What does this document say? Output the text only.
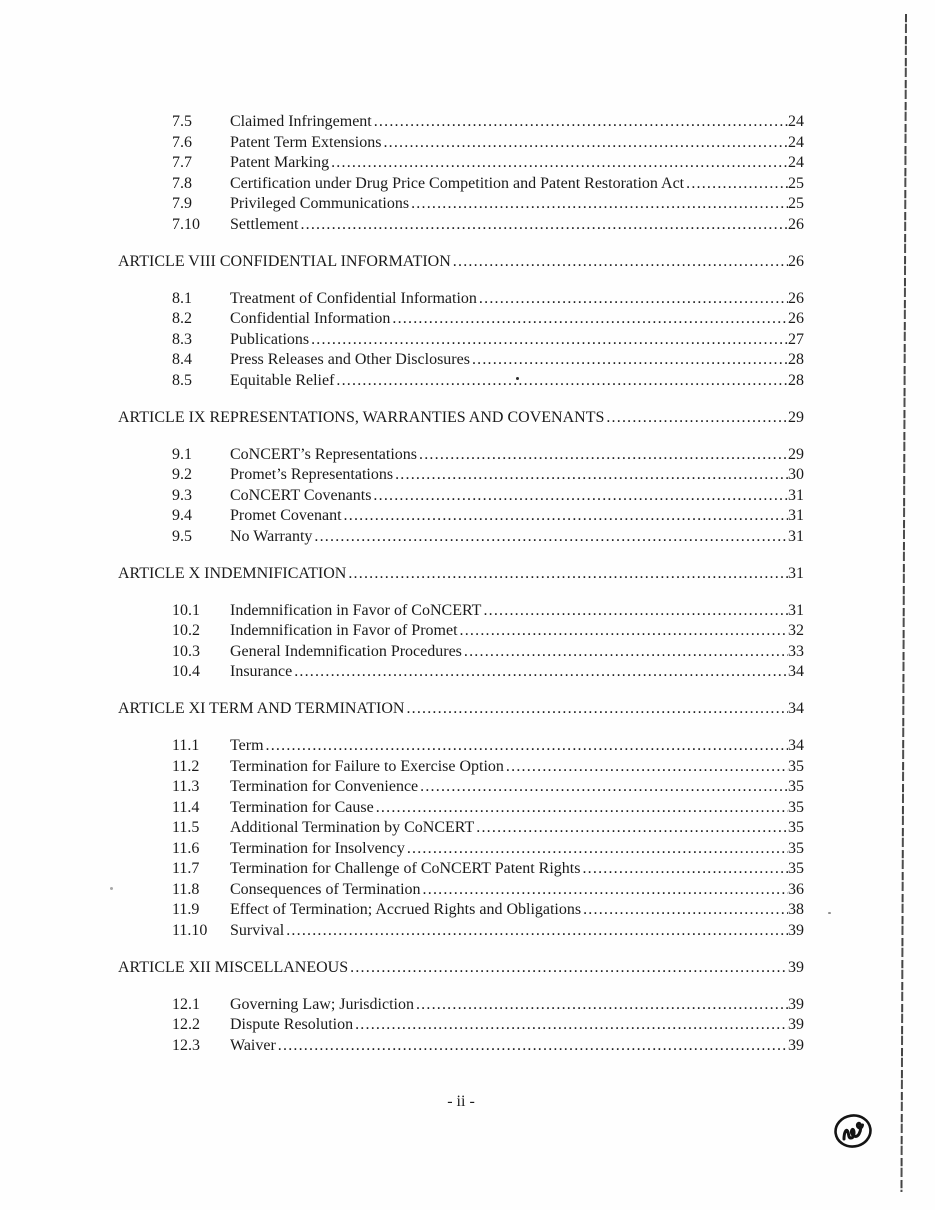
7.5	Claimed Infringement .....	24
7.6	Patent Term Extensions .....	24
7.7	Patent Marking .....	24
7.8	Certification under Drug Price Competition and Patent Restoration Act .....	25
7.9	Privileged Communications .....	25
7.10	Settlement .....	26
ARTICLE VIII CONFIDENTIAL INFORMATION .....	26
8.1	Treatment of Confidential Information .....	26
8.2	Confidential Information .....	26
8.3	Publications .....	27
8.4	Press Releases and Other Disclosures .....	28
8.5	Equitable Relief .....	28
ARTICLE IX REPRESENTATIONS, WARRANTIES AND COVENANTS .....	29
9.1	CoNCERT’s Representations .....	29
9.2	Promet’s Representations .....	30
9.3	CoNCERT Covenants .....	31
9.4	Promet Covenant .....	31
9.5	No Warranty .....	31
ARTICLE X INDEMNIFICATION .....	31
10.1	Indemnification in Favor of CoNCERT .....	31
10.2	Indemnification in Favor of Promet .....	32
10.3	General Indemnification Procedures .....	33
10.4	Insurance .....	34
ARTICLE XI TERM AND TERMINATION .....	34
11.1	Term .....	34
11.2	Termination for Failure to Exercise Option .....	35
11.3	Termination for Convenience .....	35
11.4	Termination for Cause .....	35
11.5	Additional Termination by CoNCERT .....	35
11.6	Termination for Insolvency .....	35
11.7	Termination for Challenge of CoNCERT Patent Rights .....	35
11.8	Consequences of Termination .....	36
11.9	Effect of Termination; Accrued Rights and Obligations .....	38
11.10	Survival .....	39
ARTICLE XII MISCELLANEOUS .....	39
12.1	Governing Law; Jurisdiction .....	39
12.2	Dispute Resolution .....	39
12.3	Waiver .....	39
- ii -
